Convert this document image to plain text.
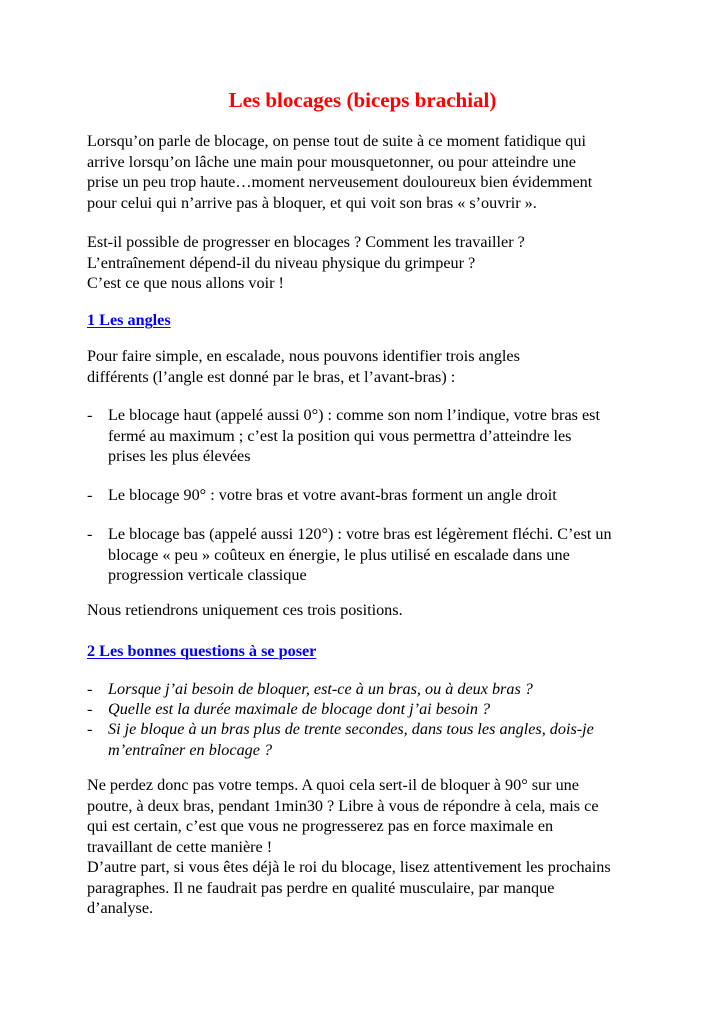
Les blocages (biceps brachial)

Lorsqu’on parle de blocage, on pense tout de suite à ce moment fatidique qui
arrive lorsqu’on lâche une main pour mousquetonner, ou pour atteindre une
prise un peu trop haute…moment nerveusement douloureux bien évidemment
pour celui qui n’arrive pas à bloquer, et qui voit son bras « s’ouvrir ».

Est-il possible de progresser en blocages ? Comment les travailler ?
L’entraînement dépend-il du niveau physique du grimpeur ?
C’est ce que nous allons voir !

1 Les angles

Pour faire simple, en escalade, nous pouvons identifier trois angles
différents (l’angle est donné par le bras, et l’avant-bras) :

- Le blocage haut (appelé aussi 0°) : comme son nom l’indique, votre bras est
fermé au maximum ; c’est la position qui vous permettra d’atteindre les
prises les plus élevées
- Le blocage 90° : votre bras et votre avant-bras forment un angle droit
- Le blocage bas (appelé aussi 120°) : votre bras est légèrement fléchi. C’est un
blocage « peu » coûteux en énergie, le plus utilisé en escalade dans une
progression verticale classique

Nous retiendrons uniquement ces trois positions.

2 Les bonnes questions à se poser
- Lorsque j’ai besoin de bloquer, est-ce à un bras, ou à deux bras ?
- Quelle est la durée maximale de blocage dont j’ai besoin ?
- Si je bloque à un bras plus de trente secondes, dans tous les angles, dois-je
m’entraîner en blocage ?

Ne perdez donc pas votre temps. A quoi cela sert-il de bloquer à 90° sur une
poutre, à deux bras, pendant 1min30 ? Libre à vous de répondre à cela, mais ce
qui est certain, c’est que vous ne progresserez pas en force maximale en
travaillant de cette manière !
D’autre part, si vous êtes déjà le roi du blocage, lisez attentivement les prochains
paragraphes. Il ne faudrait pas perdre en qualité musculaire, par manque
d’analyse.
